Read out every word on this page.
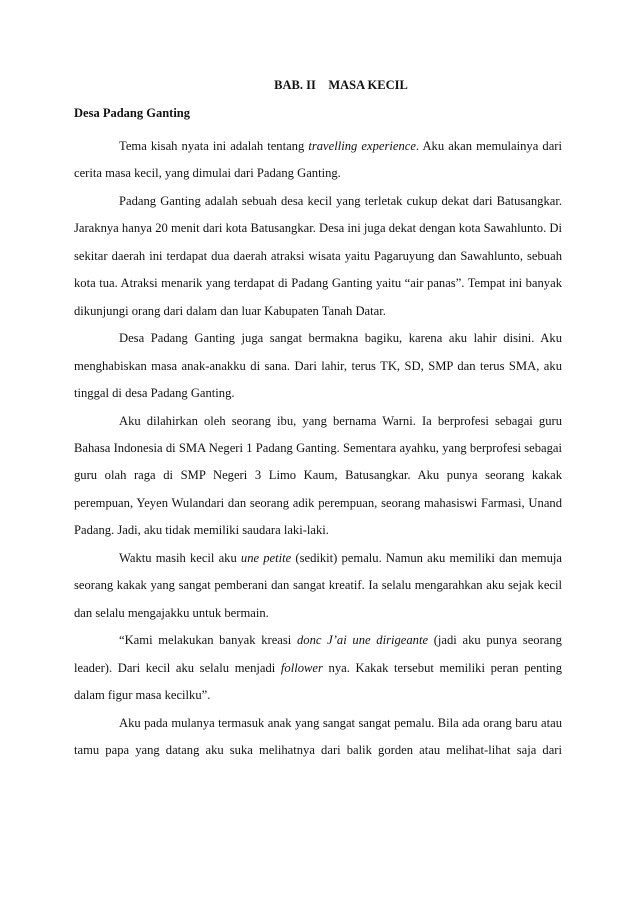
BAB. II    MASA KECIL
Desa Padang Ganting

Tema kisah nyata ini adalah tentang travelling experience. Aku akan memulainya dari cerita masa kecil, yang dimulai dari Padang Ganting.

Padang Ganting adalah sebuah desa kecil yang terletak cukup dekat dari Batusangkar. Jaraknya hanya 20 menit dari kota Batusangkar. Desa ini juga dekat dengan kota Sawahlunto. Di sekitar daerah ini terdapat dua daerah atraksi wisata yaitu Pagaruyung dan Sawahlunto, sebuah kota tua. Atraksi menarik yang terdapat di Padang Ganting yaitu “air panas”. Tempat ini banyak dikunjungi orang dari dalam dan luar Kabupaten Tanah Datar.

Desa Padang Ganting juga sangat bermakna bagiku, karena aku lahir disini. Aku menghabiskan masa anak-anakku di sana. Dari lahir, terus TK, SD, SMP dan terus SMA, aku tinggal di desa Padang Ganting.

Aku dilahirkan oleh seorang ibu, yang bernama Warni. Ia berprofesi sebagai guru Bahasa Indonesia di SMA Negeri 1 Padang Ganting. Sementara ayahku, yang berprofesi sebagai guru olah raga di SMP Negeri 3 Limo Kaum, Batusangkar. Aku punya seorang kakak perempuan, Yeyen Wulandari dan seorang adik perempuan, seorang mahasiswi Farmasi, Unand Padang. Jadi, aku tidak memiliki saudara laki-laki.

Waktu masih kecil aku une petite (sedikit) pemalu. Namun aku memiliki dan memuja seorang kakak yang sangat pemberani dan sangat kreatif. Ia selalu mengarahkan aku sejak kecil dan selalu mengajakku untuk bermain.

“Kami melakukan banyak kreasi donc J’ai une dirigeante (jadi aku punya seorang leader). Dari kecil aku selalu menjadi follower nya. Kakak tersebut memiliki peran penting dalam figur masa kecilku”.

Aku pada mulanya termasuk anak yang sangat sangat pemalu. Bila ada orang baru atau tamu papa yang datang aku suka melihatnya dari balik gorden atau melihat-lihat saja dari
